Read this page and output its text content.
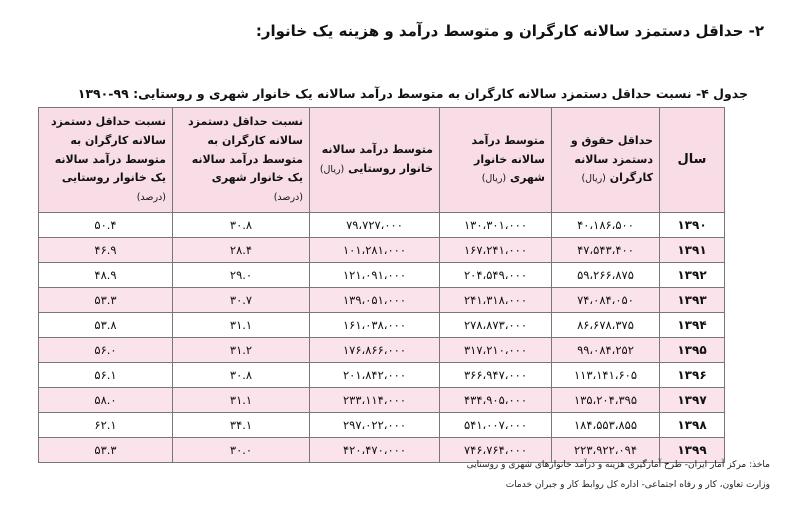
۲- حداقل دستمزد سالانه کارگران و متوسط درآمد و هزینه یک خانوار:
جدول ۴- نسبت حداقل دستمزد سالانه کارگران به متوسط درآمد سالانه یک خانوار شهری و روستایی: ۹۹-۱۳۹۰
سال	حداقل حقوق و دستمزد سالانه کارگران (ریال)	متوسط درآمد سالانه خانوار شهری (ریال)	متوسط درآمد سالانه خانوار روستایی (ریال)	نسبت حداقل دستمزد سالانه کارگران به متوسط درآمد سالانه یک خانوار شهری (درصد)	نسبت حداقل دستمزد سالانه کارگران به متوسط درآمد سالانه یک خانوار روستایی (درصد)
۱۳۹۰	۴۰،۱۸۶،۵۰۰	۱۳۰،۳۰۱،۰۰۰	۷۹،۷۲۷،۰۰۰	۳۰.۸	۵۰.۴
۱۳۹۱	۴۷،۵۴۳،۴۰۰	۱۶۷،۲۴۱،۰۰۰	۱۰۱،۲۸۱،۰۰۰	۲۸.۴	۴۶.۹
۱۳۹۲	۵۹،۲۶۶،۸۷۵	۲۰۴،۵۴۹،۰۰۰	۱۲۱،۰۹۱،۰۰۰	۲۹.۰	۴۸.۹
۱۳۹۳	۷۴،۰۸۴،۰۵۰	۲۴۱،۳۱۸،۰۰۰	۱۳۹،۰۵۱،۰۰۰	۳۰.۷	۵۳.۳
۱۳۹۴	۸۶،۶۷۸،۳۷۵	۲۷۸،۸۷۳،۰۰۰	۱۶۱،۰۳۸،۰۰۰	۳۱.۱	۵۳.۸
۱۳۹۵	۹۹،۰۸۴،۲۵۲	۳۱۷،۲۱۰،۰۰۰	۱۷۶،۸۶۶،۰۰۰	۳۱.۲	۵۶.۰
۱۳۹۶	۱۱۳،۱۴۱،۶۰۵	۳۶۶،۹۴۷،۰۰۰	۲۰۱،۸۴۲،۰۰۰	۳۰.۸	۵۶.۱
۱۳۹۷	۱۳۵،۲۰۴،۳۹۵	۴۳۴،۹۰۵،۰۰۰	۲۳۳،۱۱۴،۰۰۰	۳۱.۱	۵۸.۰
۱۳۹۸	۱۸۴،۵۵۳،۸۵۵	۵۴۱،۰۰۷،۰۰۰	۲۹۷،۰۲۲،۰۰۰	۳۴.۱	۶۲.۱
۱۳۹۹	۲۲۳،۹۲۲،۰۹۴	۷۴۶،۷۶۴،۰۰۰	۴۲۰،۴۷۰،۰۰۰	۳۰.۰	۵۳.۳

ماخذ: مرکز آمار ایران- طرح آمارگیری هزینه و درآمد خانوارهای شهری و روستایی

وزارت تعاون، کار و رفاه اجتماعی- اداره کل روابط کار و جبران خدمات
